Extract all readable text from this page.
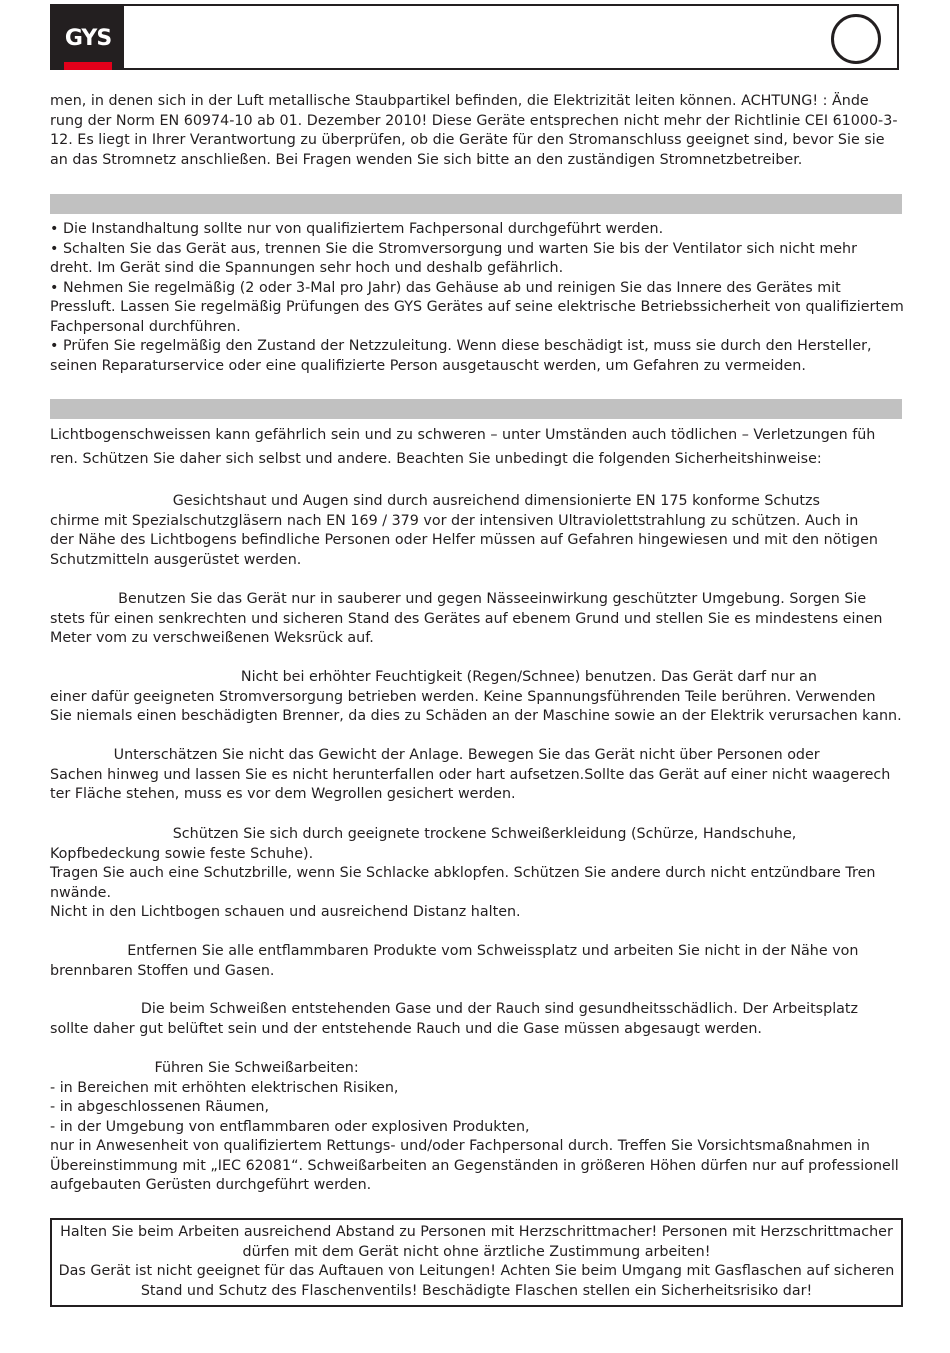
GYS

men, in denen sich in der Luft metallische Staubpartikel befinden, die Elektrizität leiten können. ACHTUNG! : Ände
rung der Norm EN 60974-10 ab 01. Dezember 2010! Diese Geräte entsprechen nicht mehr der Richtlinie CEI 61000-3-
12. Es liegt in Ihrer Verantwortung zu überprüfen, ob die Geräte für den Stromanschluss geeignet sind, bevor Sie sie
an das Stromnetz anschließen. Bei Fragen wenden Sie sich bitte an den zuständigen Stromnetzbetreiber.

• Die Instandhaltung sollte nur von qualifiziertem Fachpersonal durchgeführt werden.
• Schalten Sie das Gerät aus, trennen Sie die Stromversorgung und warten Sie bis der Ventilator sich nicht mehr
dreht. Im Gerät sind die Spannungen sehr hoch und deshalb gefährlich.
• Nehmen Sie regelmäßig (2 oder 3-Mal pro Jahr) das Gehäuse ab und reinigen Sie das Innere des Gerätes mit
Pressluft. Lassen Sie regelmäßig Prüfungen des GYS Gerätes auf seine elektrische Betriebssicherheit von qualifiziertem
Fachpersonal durchführen.
• Prüfen Sie regelmäßig den Zustand der Netzzuleitung. Wenn diese beschädigt ist, muss sie durch den Hersteller,
seinen Reparaturservice oder eine qualifizierte Person ausgetauscht werden, um Gefahren zu vermeiden.

Lichtbogenschweissen kann gefährlich sein und zu schweren – unter Umständen auch tödlichen – Verletzungen füh

ren. Schützen Sie daher sich selbst und andere. Beachten Sie unbedingt die folgenden Sicherheitshinweise:

Gesichtshaut und Augen sind durch ausreichend dimensionierte EN 175 konforme Schutzs
chirme mit Spezialschutzgläsern nach EN 169 / 379 vor der intensiven Ultraviolettstrahlung zu schützen. Auch in
der Nähe des Lichtbogens befindliche Personen oder Helfer müssen auf Gefahren hingewiesen und mit den nötigen
Schutzmitteln ausgerüstet werden.

Benutzen Sie das Gerät nur in sauberer und gegen Nässeeinwirkung geschützter Umgebung. Sorgen Sie
stets für einen senkrechten und sicheren Stand des Gerätes auf ebenem Grund und stellen Sie es mindestens einen
Meter vom zu verschweißenen Weksrück auf.

Nicht bei erhöhter Feuchtigkeit (Regen/Schnee) benutzen. Das Gerät darf nur an
einer dafür geeigneten Stromversorgung betrieben werden. Keine Spannungsführenden Teile berühren. Verwenden
Sie niemals einen beschädigten Brenner, da dies zu Schäden an der Maschine sowie an der Elektrik verursachen kann.

Unterschätzen Sie nicht das Gewicht der Anlage. Bewegen Sie das Gerät nicht über Personen oder
Sachen hinweg und lassen Sie es nicht herunterfallen oder hart aufsetzen.Sollte das Gerät auf einer nicht waagerech
ter Fläche stehen, muss es vor dem Wegrollen gesichert werden.

Schützen Sie sich durch geeignete trockene Schweißerkleidung (Schürze, Handschuhe,
Kopfbedeckung sowie feste Schuhe).
Tragen Sie auch eine Schutzbrille, wenn Sie Schlacke abklopfen. Schützen Sie andere durch nicht entzündbare Tren
nwände.
Nicht in den Lichtbogen schauen und ausreichend Distanz halten.

Entfernen Sie alle entflammbaren Produkte vom Schweissplatz und arbeiten Sie nicht in der Nähe von
brennbaren Stoffen und Gasen.

Die beim Schweißen entstehenden Gase und der Rauch sind gesundheitsschädlich. Der Arbeitsplatz
sollte daher gut belüftet sein und der entstehende Rauch und die Gase müssen abgesaugt werden.

Führen Sie Schweißarbeiten:
- in Bereichen mit erhöhten elektrischen Risiken,
- in abgeschlossenen Räumen,
- in der Umgebung von entflammbaren oder explosiven Produkten,
nur in Anwesenheit von qualifiziertem Rettungs- und/oder Fachpersonal durch. Treffen Sie Vorsichtsmaßnahmen in
Übereinstimmung mit „IEC 62081“. Schweißarbeiten an Gegenständen in größeren Höhen dürfen nur auf professionell
aufgebauten Gerüsten durchgeführt werden.

Halten Sie beim Arbeiten ausreichend Abstand zu Personen mit Herzschrittmacher! Personen mit Herzschrittmacher
dürfen mit dem Gerät nicht ohne ärztliche Zustimmung arbeiten!
Das Gerät ist nicht geeignet für das Auftauen von Leitungen! Achten Sie beim Umgang mit Gasflaschen auf sicheren
Stand und Schutz des Flaschenventils! Beschädigte Flaschen stellen ein Sicherheitsrisiko dar!
